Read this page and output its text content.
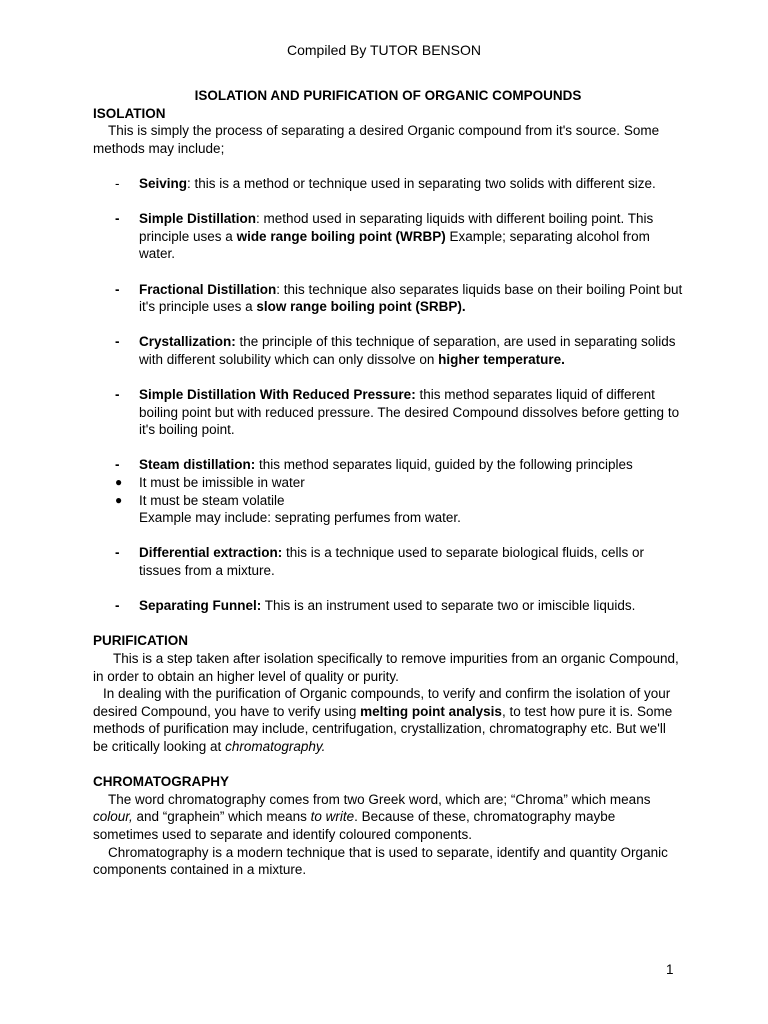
Compiled By TUTOR BENSON

ISOLATION AND PURIFICATION OF ORGANIC COMPOUNDS

ISOLATION

This is simply the process of separating a desired Organic compound from it's source. Some methods may include;

- Seiving: this is a method or technique used in separating two solids with different size.
- Simple Distillation: method used in separating liquids with different boiling point. This principle uses a wide range boiling point (WRBP) Example; separating alcohol from water.
- Fractional Distillation: this technique also separates liquids base on their boiling Point but it's principle uses a slow range boiling point (SRBP).
- Crystallization: the principle of this technique of separation, are used in separating solids with different solubility which can only dissolve on higher temperature.
- Simple Distillation With Reduced Pressure: this method separates liquid of different boiling point but with reduced pressure. The desired Compound dissolves before getting to it's boiling point.
- Steam distillation: this method separates liquid, guided by the following principles
● It must be imissible in water
● It must be steam volatile
Example may include: seprating perfumes from water.
- Differential extraction: this is a technique used to separate biological fluids, cells or tissues from a mixture.
- Separating Funnel: This is an instrument used to separate two or imiscible liquids.

PURIFICATION

This is a step taken after isolation specifically to remove impurities from an organic Compound, in order to obtain an higher level of quality or purity.

In dealing with the purification of Organic compounds, to verify and confirm the isolation of your desired Compound, you have to verify using melting point analysis, to test how pure it is. Some methods of purification may include, centrifugation, crystallization, chromatography etc. But we'll be critically looking at chromatography.

CHROMATOGRAPHY

The word chromatography comes from two Greek word, which are; “Chroma” which means colour, and “graphein” which means to write. Because of these, chromatography maybe sometimes used to separate and identify coloured components.

Chromatography is a modern technique that is used to separate, identify and quantity Organic components contained in a mixture.

1
